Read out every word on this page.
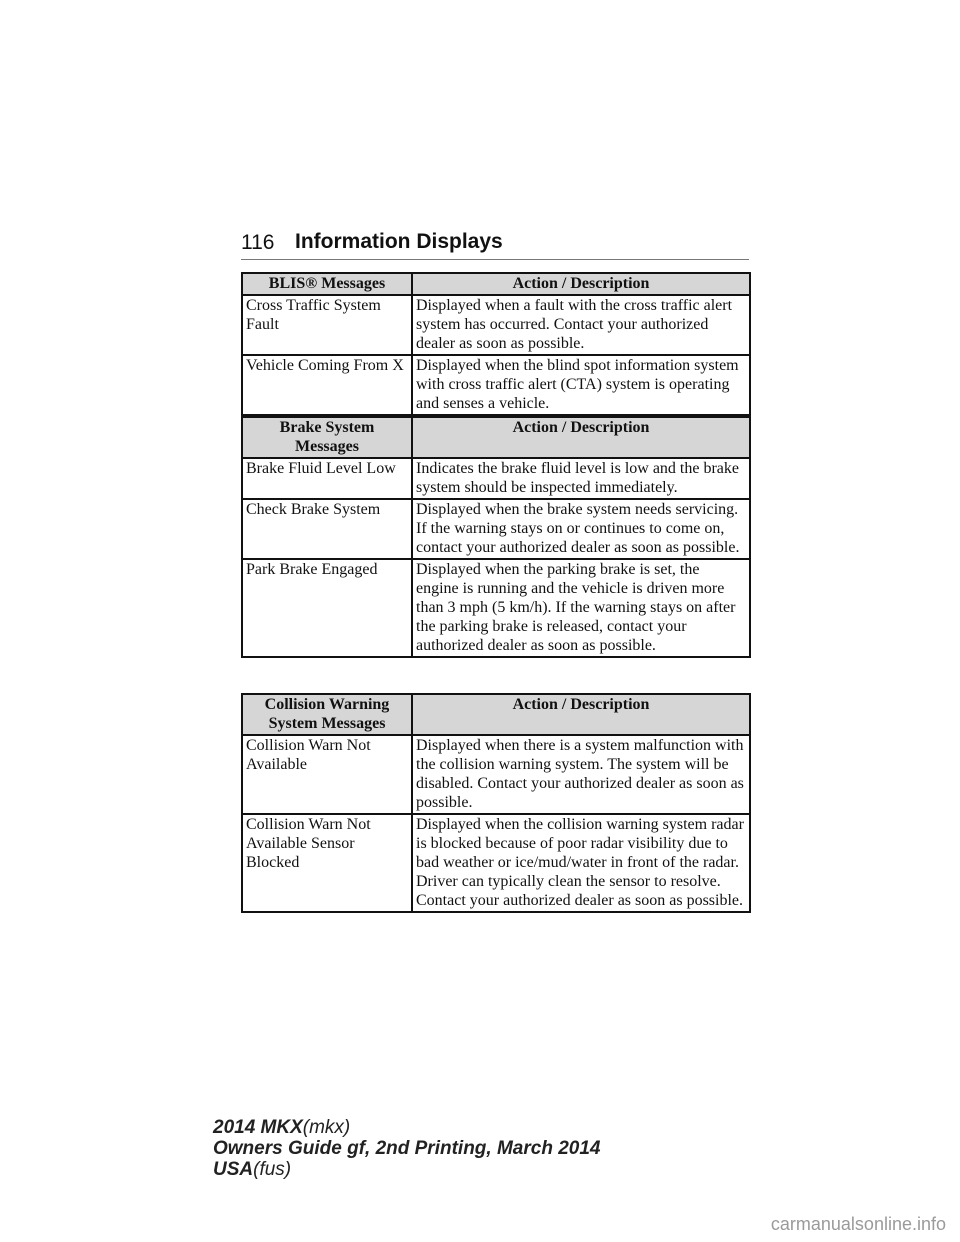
116 Information Displays
BLIS® Messages	Action / Description
Cross Traffic System Fault	Displayed when a fault with the cross traffic alert system has occurred. Contact your authorized dealer as soon as possible.
Vehicle Coming From X	Displayed when the blind spot information system with cross traffic alert (CTA) system is operating and senses a vehicle.
Brake System Messages	Action / Description
Brake Fluid Level Low	Indicates the brake fluid level is low and the brake system should be inspected immediately.
Check Brake System	Displayed when the brake system needs servicing. If the warning stays on or continues to come on, contact your authorized dealer as soon as possible.
Park Brake Engaged	Displayed when the parking brake is set, the engine is running and the vehicle is driven more than 3 mph (5 km/h). If the warning stays on after the parking brake is released, contact your authorized dealer as soon as possible.
Collision Warning System Messages	Action / Description
Collision Warn Not Available	Displayed when there is a system malfunction with the collision warning system. The system will be disabled. Contact your authorized dealer as soon as possible.
Collision Warn Not Available Sensor Blocked	Displayed when the collision warning system radar is blocked because of poor radar visibility due to bad weather or ice/mud/water in front of the radar. Driver can typically clean the sensor to resolve. Contact your authorized dealer as soon as possible.
2014 MKX(mkx)
Owners Guide gf, 2nd Printing, March 2014
USA(fus)
carmanualsonline.info
